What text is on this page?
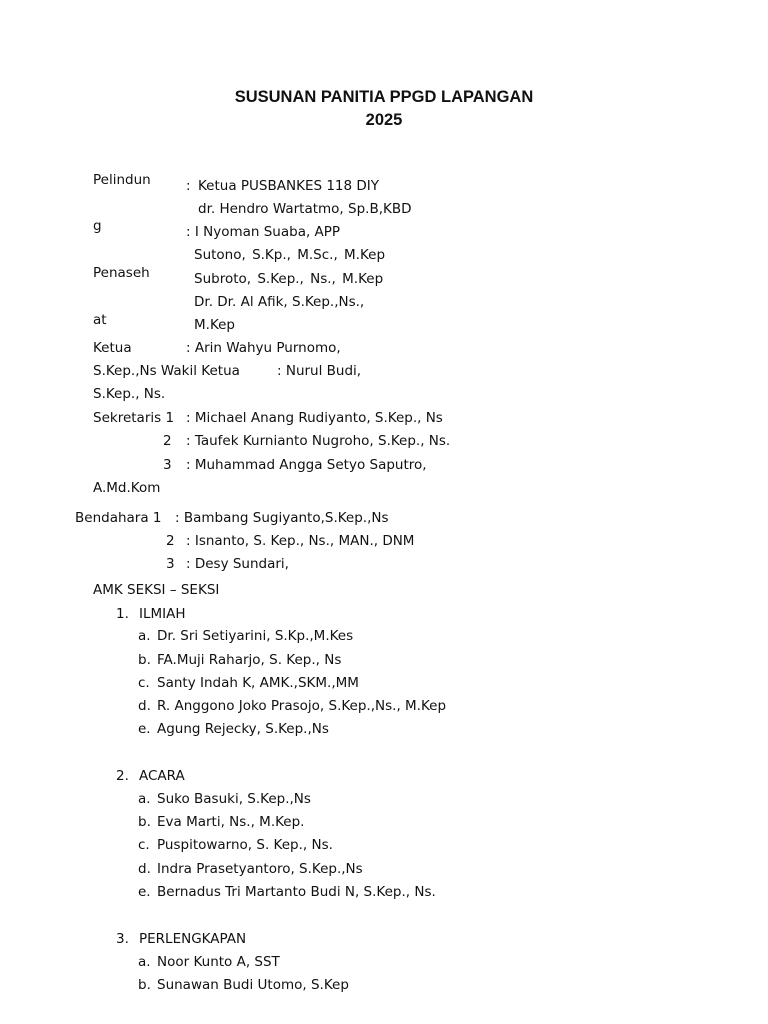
SUSUNAN PANITIA PPGD LAPANGAN
2025
Pelindun
g
: Ketua PUSBANKES 118 DIY
dr. Hendro Wartatmo, Sp.B,KBD
Penaseh
at
: I Nyoman Suaba, APP
Sutono, S.Kp., M.Sc., M.Kep
Subroto, S.Kep., Ns., M.Kep
Dr. Dr. Al Afik, S.Kep.,Ns.,
M.Kep
Ketua	: Arin Wahyu Purnomo,
S.Kep.,Ns Wakil Ketua	: Nurul Budi,
S.Kep., Ns.
Sekretaris 1 : Michael Anang Rudiyanto, S.Kep., Ns
2 : Taufek Kurnianto Nugroho, S.Kep., Ns.
3 : Muhammad Angga Setyo Saputro,
A.Md.Kom
Bendahara 1 : Bambang Sugiyanto,S.Kep.,Ns
2 : Isnanto, S. Kep., Ns., MAN., DNM
3 : Desy Sundari,
AMK SEKSI – SEKSI
1. ILMIAH
a. Dr. Sri Setiyarini, S.Kp.,M.Kes
b. FA.Muji Raharjo, S. Kep., Ns
c. Santy Indah K, AMK.,SKM.,MM
d. R. Anggono Joko Prasojo, S.Kep.,Ns., M.Kep
e. Agung Rejecky, S.Kep.,Ns
2. ACARA
a. Suko Basuki, S.Kep.,Ns
b. Eva Marti, Ns., M.Kep.
c. Puspitowarno, S. Kep., Ns.
d. Indra Prasetyantoro, S.Kep.,Ns
e. Bernadus Tri Martanto Budi N, S.Kep., Ns.
3. PERLENGKAPAN
a. Noor Kunto A, SST
b. Sunawan Budi Utomo, S.Kep
